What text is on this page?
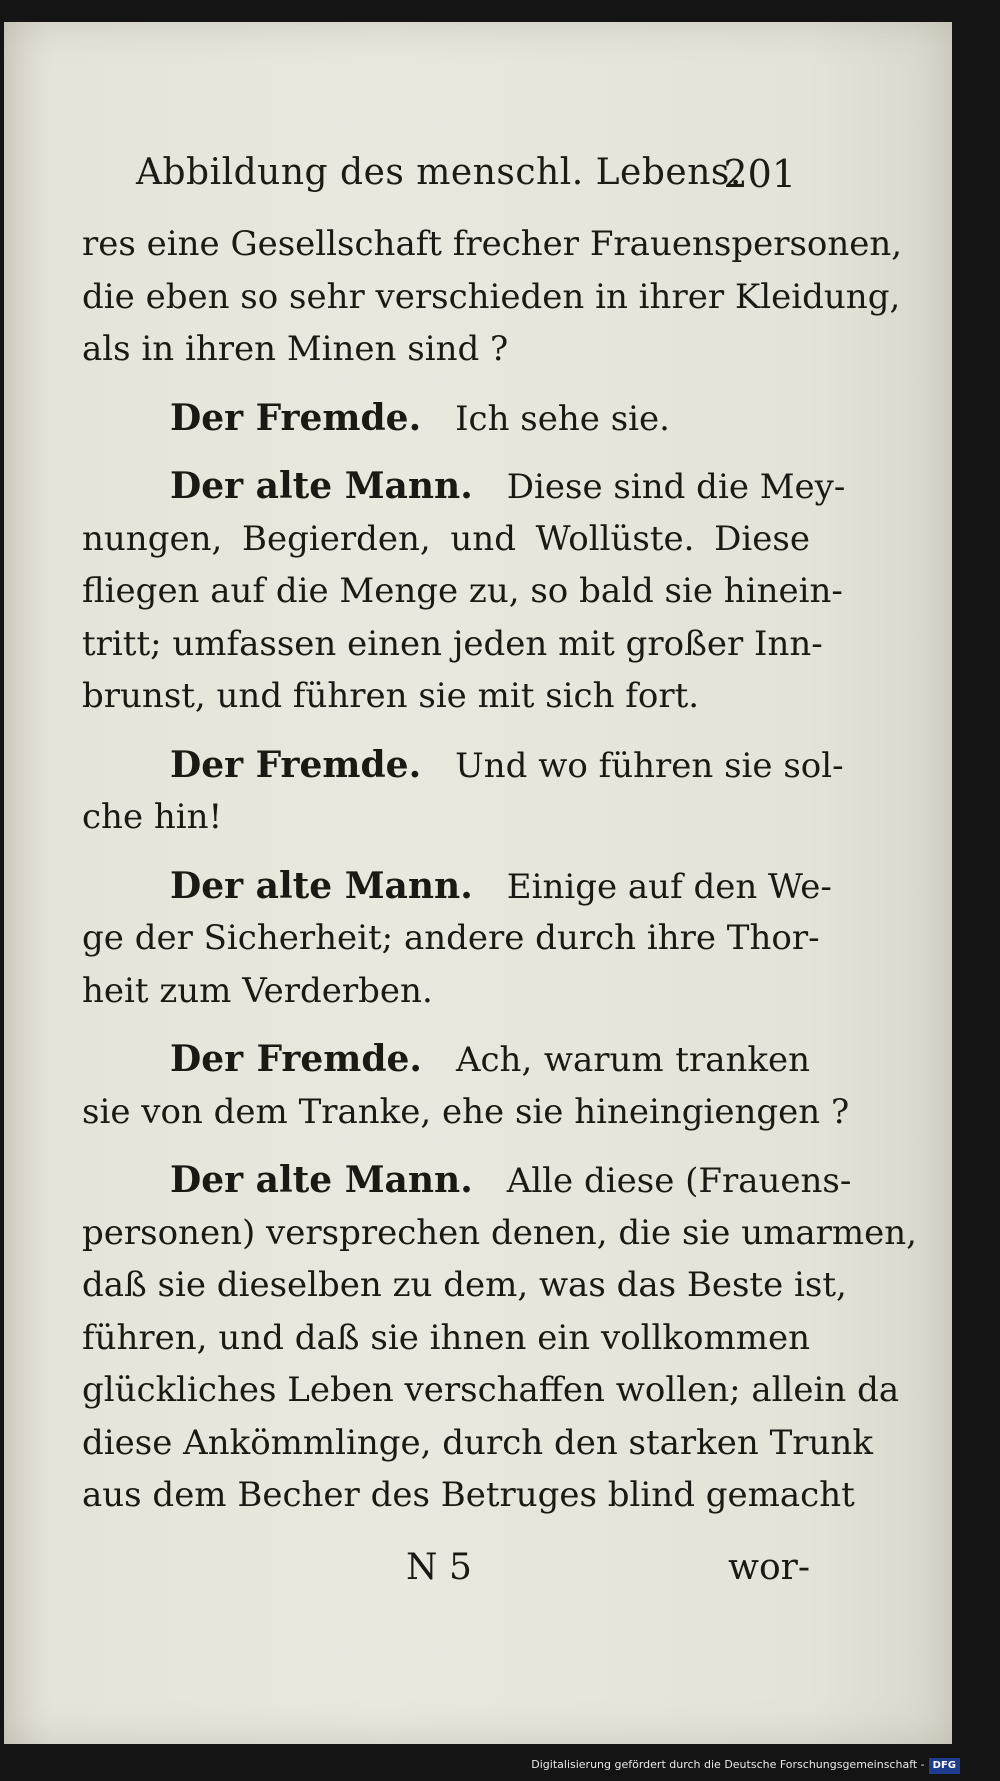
Abbildung des menschl. Lebens.
201
res eine Gesellschaft frecher Frauenspersonen,
die eben so sehr verschieden in ihrer Kleidung,
als in ihren Minen sind ?
Der Fremde.  Ich sehe sie.
Der alte Mann.  Diese sind die Mey-
nungen, Begierden, und Wollüste. Diese
fliegen auf die Menge zu, so bald sie hinein-
tritt; umfassen einen jeden mit großer Inn-
brunst, und führen sie mit sich fort.
Der Fremde.  Und wo führen sie sol-
che hin!
Der alte Mann.  Einige auf den We-
ge der Sicherheit; andere durch ihre Thor-
heit zum Verderben.
Der Fremde.  Ach, warum tranken
sie von dem Tranke, ehe sie hineingiengen ?
Der alte Mann.  Alle diese (Frauens-
personen) versprechen denen, die sie umarmen,
daß sie dieselben zu dem, was das Beste ist,
führen, und daß sie ihnen ein vollkommen
glückliches Leben verschaffen wollen; allein da
diese Ankömmlinge, durch den starken Trunk
aus dem Becher des Betruges blind gemacht
N 5	wor-
Digitalisierung gefördert durch die Deutsche Forschungsgemeinschaft - DFG
